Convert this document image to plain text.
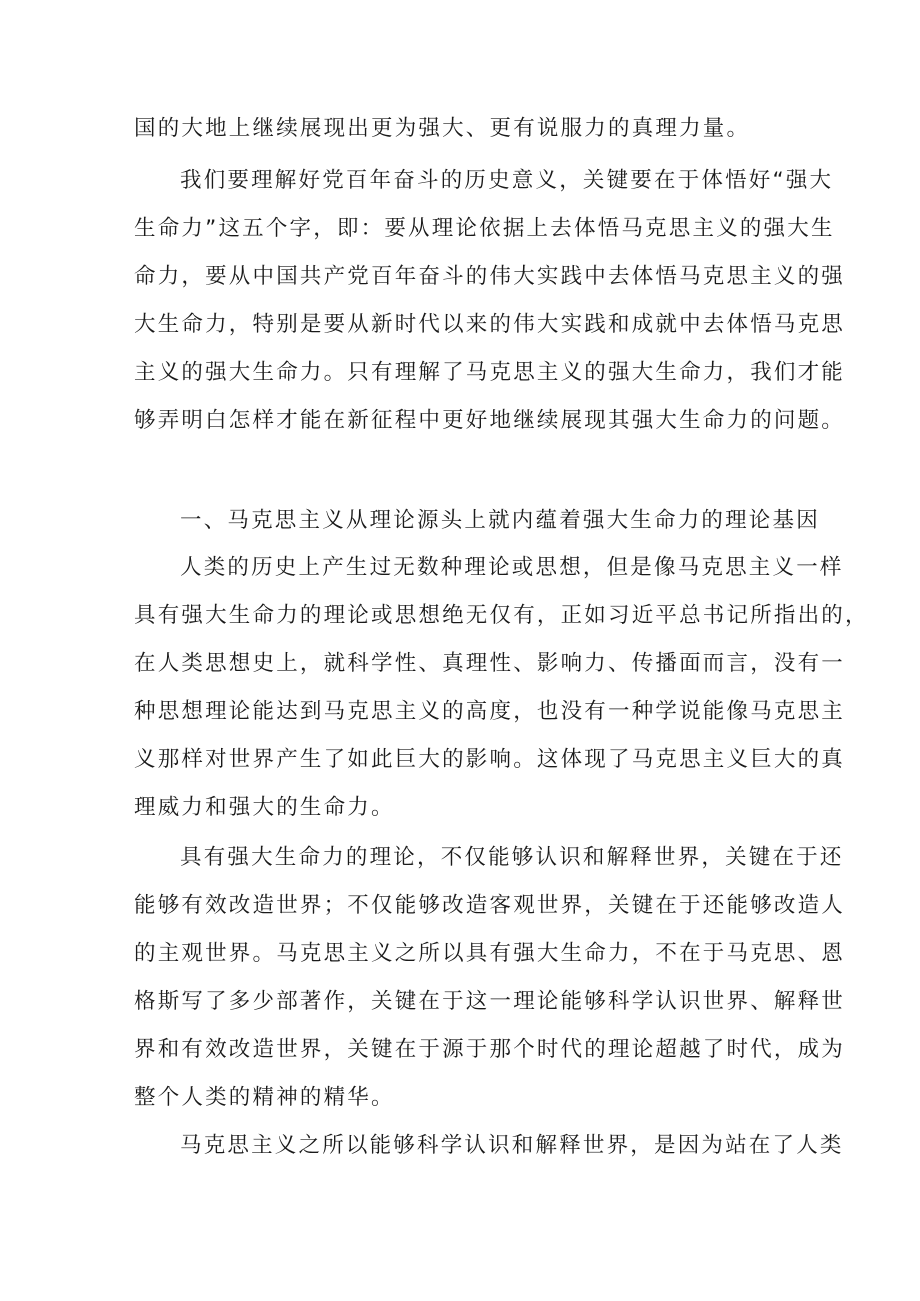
国的大地上继续展现出更为强大、更有说服力的真理力量。
我们要理解好党百年奋斗的历史意义，关键要在于体悟好“强大
生命力”这五个字，即：要从理论依据上去体悟马克思主义的强大生
命力，要从中国共产党百年奋斗的伟大实践中去体悟马克思主义的强
大生命力，特别是要从新时代以来的伟大实践和成就中去体悟马克思
主义的强大生命力。只有理解了马克思主义的强大生命力，我们才能
够弄明白怎样才能在新征程中更好地继续展现其强大生命力的问题。
一、马克思主义从理论源头上就内蕴着强大生命力的理论基因
人类的历史上产生过无数种理论或思想，但是像马克思主义一样
具有强大生命力的理论或思想绝无仅有，正如习近平总书记所指出的，
在人类思想史上，就科学性、真理性、影响力、传播面而言，没有一
种思想理论能达到马克思主义的高度，也没有一种学说能像马克思主
义那样对世界产生了如此巨大的影响。这体现了马克思主义巨大的真
理威力和强大的生命力。
具有强大生命力的理论，不仅能够认识和解释世界，关键在于还
能够有效改造世界；不仅能够改造客观世界，关键在于还能够改造人
的主观世界。马克思主义之所以具有强大生命力，不在于马克思、恩
格斯写了多少部著作，关键在于这一理论能够科学认识世界、解释世
界和有效改造世界，关键在于源于那个时代的理论超越了时代，成为
整个人类的精神的精华。
马克思主义之所以能够科学认识和解释世界，是因为站在了人类
